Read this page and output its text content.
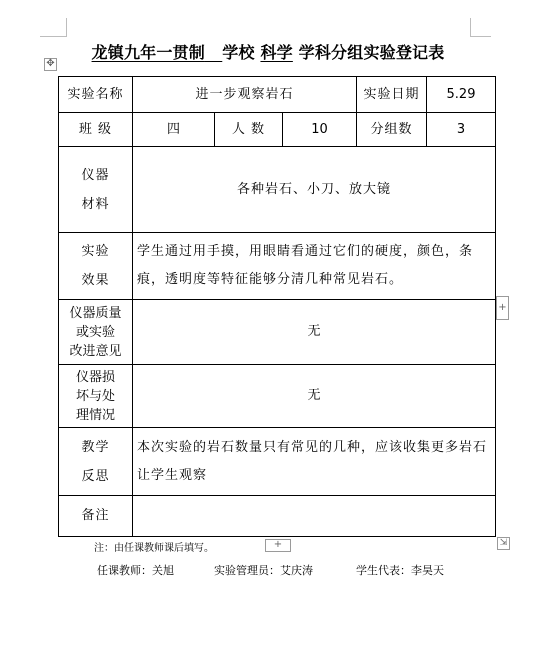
龙镇九年一贯制 学校 科学 学科分组实验登记表
✥
实验名称	进一步观察岩石			实验日期	5.29
班 级	四	人 数	10	分组数	3

仪器
材料	各种岩石、小刀、放大镜				

实验
效果	学生通过用手摸，用眼睛看通过它们的硬度，颜色，条痕，透明度等特征能够分清几种常见岩石。				

仪器质量
或实验
改进意见	无				

仪器损
坏与处
理情况	无				

教学
反思	本次实验的岩石数量只有常见的几种，应该收集更多岩石让学生观察				
备注					
+
注：由任课教师课后填写。	+	⇲
任课教师：关旭	实验管理员：艾庆涛	学生代表：李昊天
